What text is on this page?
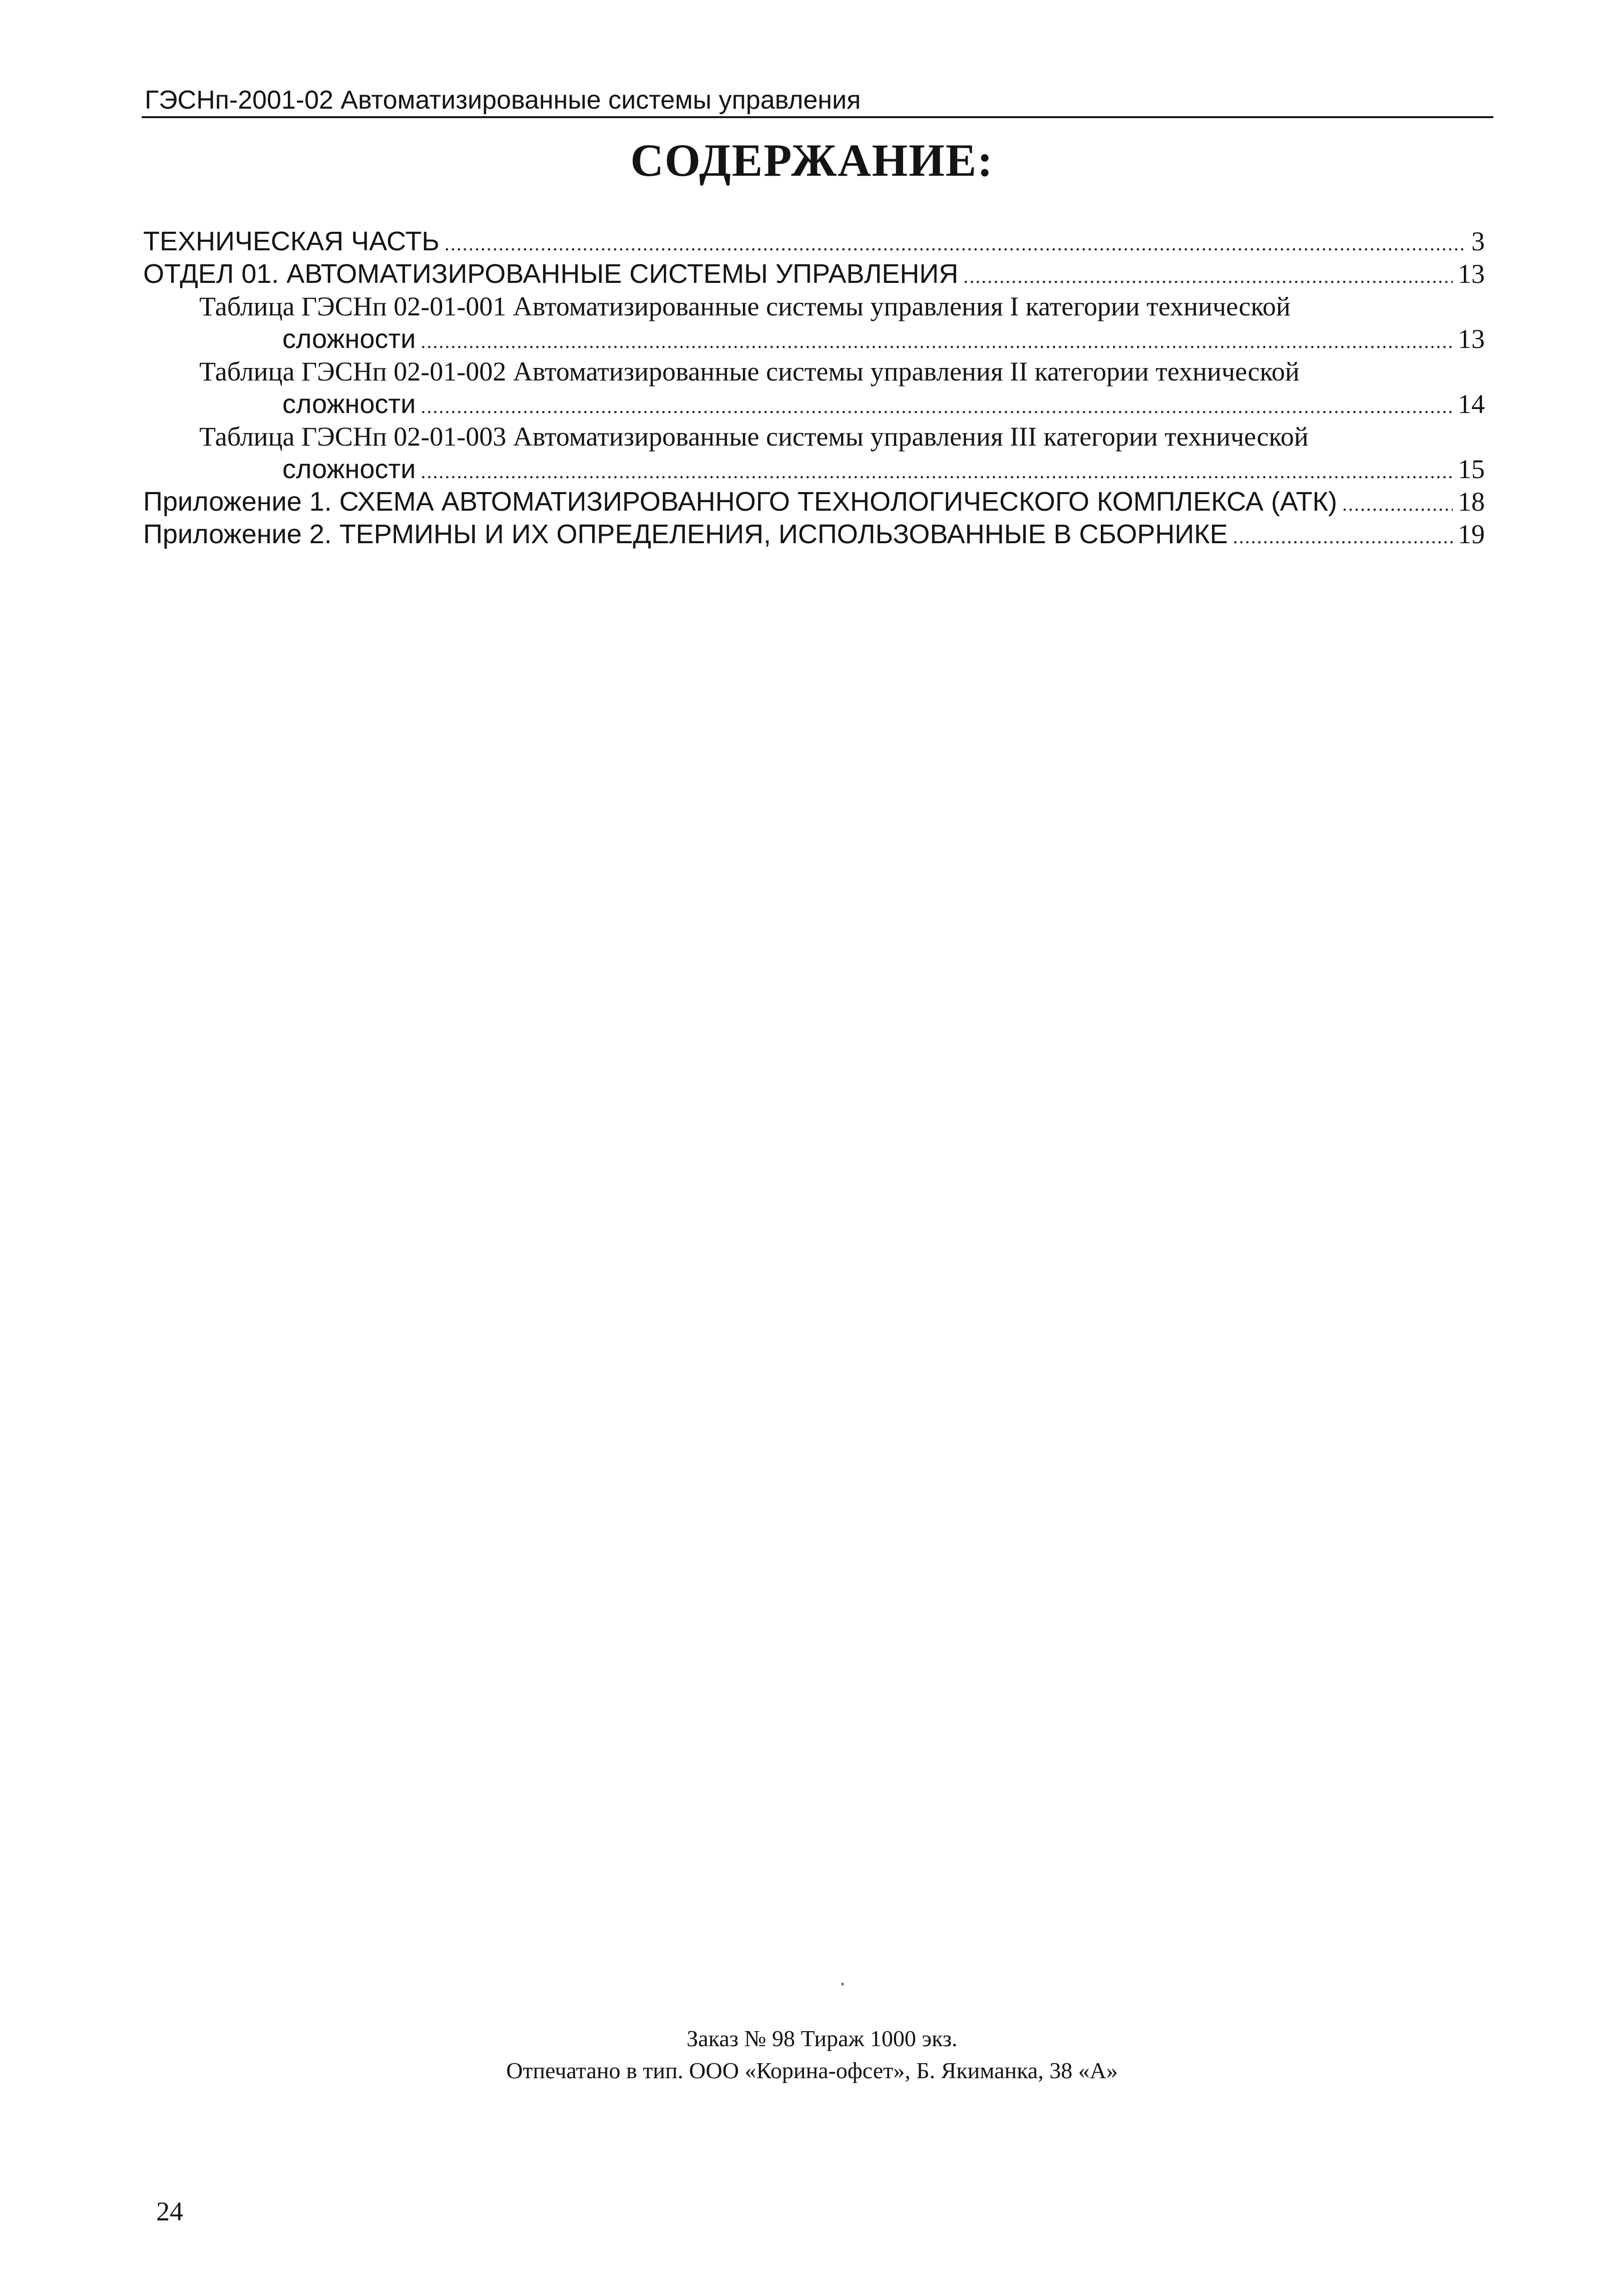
ГЭСНп-2001-02 Автоматизированные системы управления
СОДЕРЖАНИЕ:
ТЕХНИЧЕСКАЯ ЧАСТЬ .....	3
ОТДЕЛ 01. АВТОМАТИЗИРОВАННЫЕ СИСТЕМЫ УПРАВЛЕНИЯ .....	13
Таблица ГЭСНп 02-01-001 Автоматизированные системы управления I категории технической
сложности .....	13
Таблица ГЭСНп 02-01-002 Автоматизированные системы управления II категории технической
сложности .....	14
Таблица ГЭСНп 02-01-003 Автоматизированные системы управления III категории технической
сложности .....	15
Приложение 1. СХЕМА АВТОМАТИЗИРОВАННОГО ТЕХНОЛОГИЧЕСКОГО КОМПЛЕКСА (АТК) .....	18
Приложение 2. ТЕРМИНЫ И ИХ ОПРЕДЕЛЕНИЯ, ИСПОЛЬЗОВАННЫЕ В СБОРНИКЕ .....	19
Заказ № 98 Тираж 1000 экз.
Отпечатано в тип. ООО «Корина-офсет», Б. Якиманка, 38 «А»
24
